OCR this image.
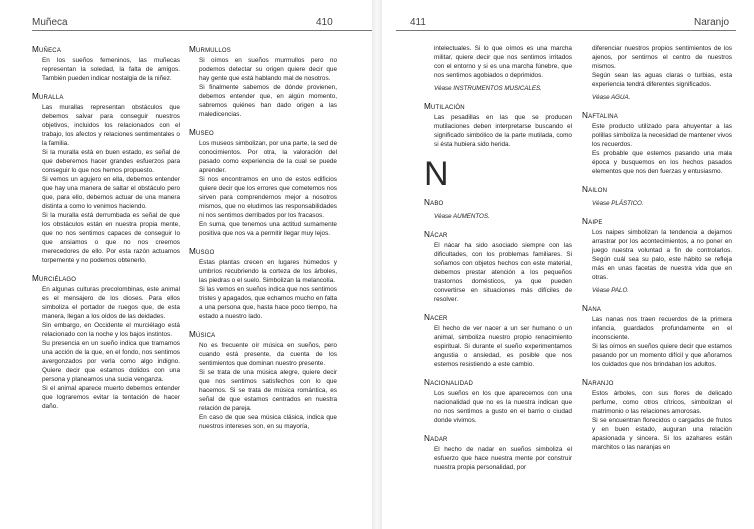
Muñeca	410
Muñeca

En los sueños femeninos, las muñecas representan la soledad, la falta de amigos. También pueden indicar nostalgia de la niñez.

Muralla

Las murallas representan obstáculos que debemos salvar para conseguir nuestros objetivos, incluidos los relacionados con el trabajo, los afectos y relaciones sentimentales o la familia.

Si la muralla está en buen estado, es señal de que deberemos hacer grandes esfuerzos para conseguir lo que nos hemos propuesto.

Si vemos un agujero en ella, debemos entender que hay una manera de saltar el obstáculo pero que, para ello, debemos actuar de una manera distinta a como lo venimos haciendo.

Si la muralla está derrumbada es señal de que los obstáculos están en nuestra propia mente, que no nos sentimos capaces de conseguir lo que ansiamos o que no nos creemos merecedores de ello. Por esta razón actuamos torpemente y no podemos obtenerlo.

Murciélago

En algunas culturas precolombinas, este animal es el mensajero de los dioses. Para ellos simboliza el portador de ruegos que, de esta manera, llegan a los oídos de las deidades.

Sin embargo, en Occidente el murciélago está relacionado con la noche y los bajos instintos.

Su presencia en un sueño indica que tramamos una acción de la que, en el fondo, nos sentimos avergonzados por verla como algo indigno. Quiere decir que estamos dolidos con una persona y planeamos una sucia venganza.

Si el animal aparece muerto debemos entender que lograremos evitar la tentación de hacer daño.

Murmullos

Si oímos en sueños murmullos pero no podemos detectar su origen quiere decir que hay gente que está hablando mal de nosotros.

Si finalmente sabemos de dónde provienen, debemos entender que, en algún momento, sabremos quiénes han dado origen a las maledicencias.

Museo

Los museos simbolizan, por una parte, la sed de conocimientos. Por otra, la valoración del pasado como experiencia de la cual se puede aprender.

Si nos encontramos en uno de estos edificios quiere decir que los errores que cometemos nos sirven para comprendernos mejor a nosotros mismos, que no eludimos las responsabilidades ni nos sentimos derribados por los fracasos.

En suma, que tenemos una actitud sumamente positiva que nos va a permitir llegar muy lejos.

Musgo

Estas plantas crecen en lugares húmedos y umbríos recubriendo la corteza de los árboles, las piedras o el suelo. Simbolizan la melancolía.

Si las vemos en sueños indica que nos sentimos tristes y apagados, que echamos mucho en falta a una persona que, hasta hace poco tiempo, ha estado a nuestro lado.

Música

No es frecuente oír música en sueños, pero cuando está presente, da cuenta de los sentimientos que dominan nuestro presente.

Si se trata de una música alegre, quiere decir que nos sentimos satisfechos con lo que hacemos. Si se trata de música romántica, es señal de que estamos centrados en nuestra relación de pareja.

En caso de que sea música clásica, indica que nuestros intereses son, en su mayoría,

411	Naranjo

intelectuales. Si lo que oímos es una marcha militar, quiere decir que nos sentimos irritados con el entorno y si es una marcha fúnebre, que nos sentimos agobiados o deprimidos.

Véase INSTRUMENTOS MUSICALES.

Mutilación

Las pesadillas en las que se producen mutilaciones deben interpretarse buscando el significado simbólico de la parte mutilada, como si ésta hubiera sido herida.

N
Nabo

Véase AUMENTOS.

Nácar

El nácar ha sido asociado siempre con las dificultades, con los problemas familiares. Si soñamos con objetos hechos con este material, debemos prestar atención a los pequeños trastornos domésticos, ya que pueden convertirse en situaciones más difíciles de resolver.

Nacer

El hecho de ver nacer a un ser humano o un animal, simboliza nuestro propio renacimiento espiritual. Si durante el sueño experimentamos angustia o ansiedad, es posible que nos estemos resistiendo a este cambio.

Nacionalidad

Los sueños en los que aparecemos con una nacionalidad que no es la nuestra indican que no nos sentimos a gusto en el barrio o ciudad donde vivimos.

Nadar

El hecho de nadar en sueños simboliza el esfuerzo que hace nuestra mente por construir nuestra propia personalidad, por

diferenciar nuestros propios sentimientos de los ajenos, por sentirnos el centro de nuestros mismos.

Según sean las aguas claras o turbias, esta experiencia tendrá diferentes significados.

Véase AGUA.

Naftalina

Este producto utilizado para ahuyentar a las polillas simboliza la necesidad de mantener vivos los recuerdos.

Es probable que estemos pasando una mala época y busquemos en los hechos pasados elementos que nos den fuerzas y entusiasmo.

Nailon

Véase PLÁSTICO.

Naipe

Los naipes simbolizan la tendencia a dejarnos arrastrar por los acontecimientos, a no poner en juego nuestra voluntad a fin de controlarlos. Según cuál sea su palo, este hábito se refleja más en unas facetas de nuestra vida que en otras.

Véase PALO.

Nana

Las nanas nos traen recuerdos de la primera infancia, guardados profundamente en el inconsciente.

Si las oímos en sueños quiere decir que estamos pasando por un momento difícil y que añoramos los cuidados que nos brindaban los adultos.

Naranjo

Estos árboles, con sus flores de delicado perfume, como otros cítricos, simbolizan el matrimonio o las relaciones amorosas.

Si se encuentran florecidos o cargados de frutos y en buen estado, auguran una relación apasionada y sincera. Si los azahares están marchitos o las naranjas en
